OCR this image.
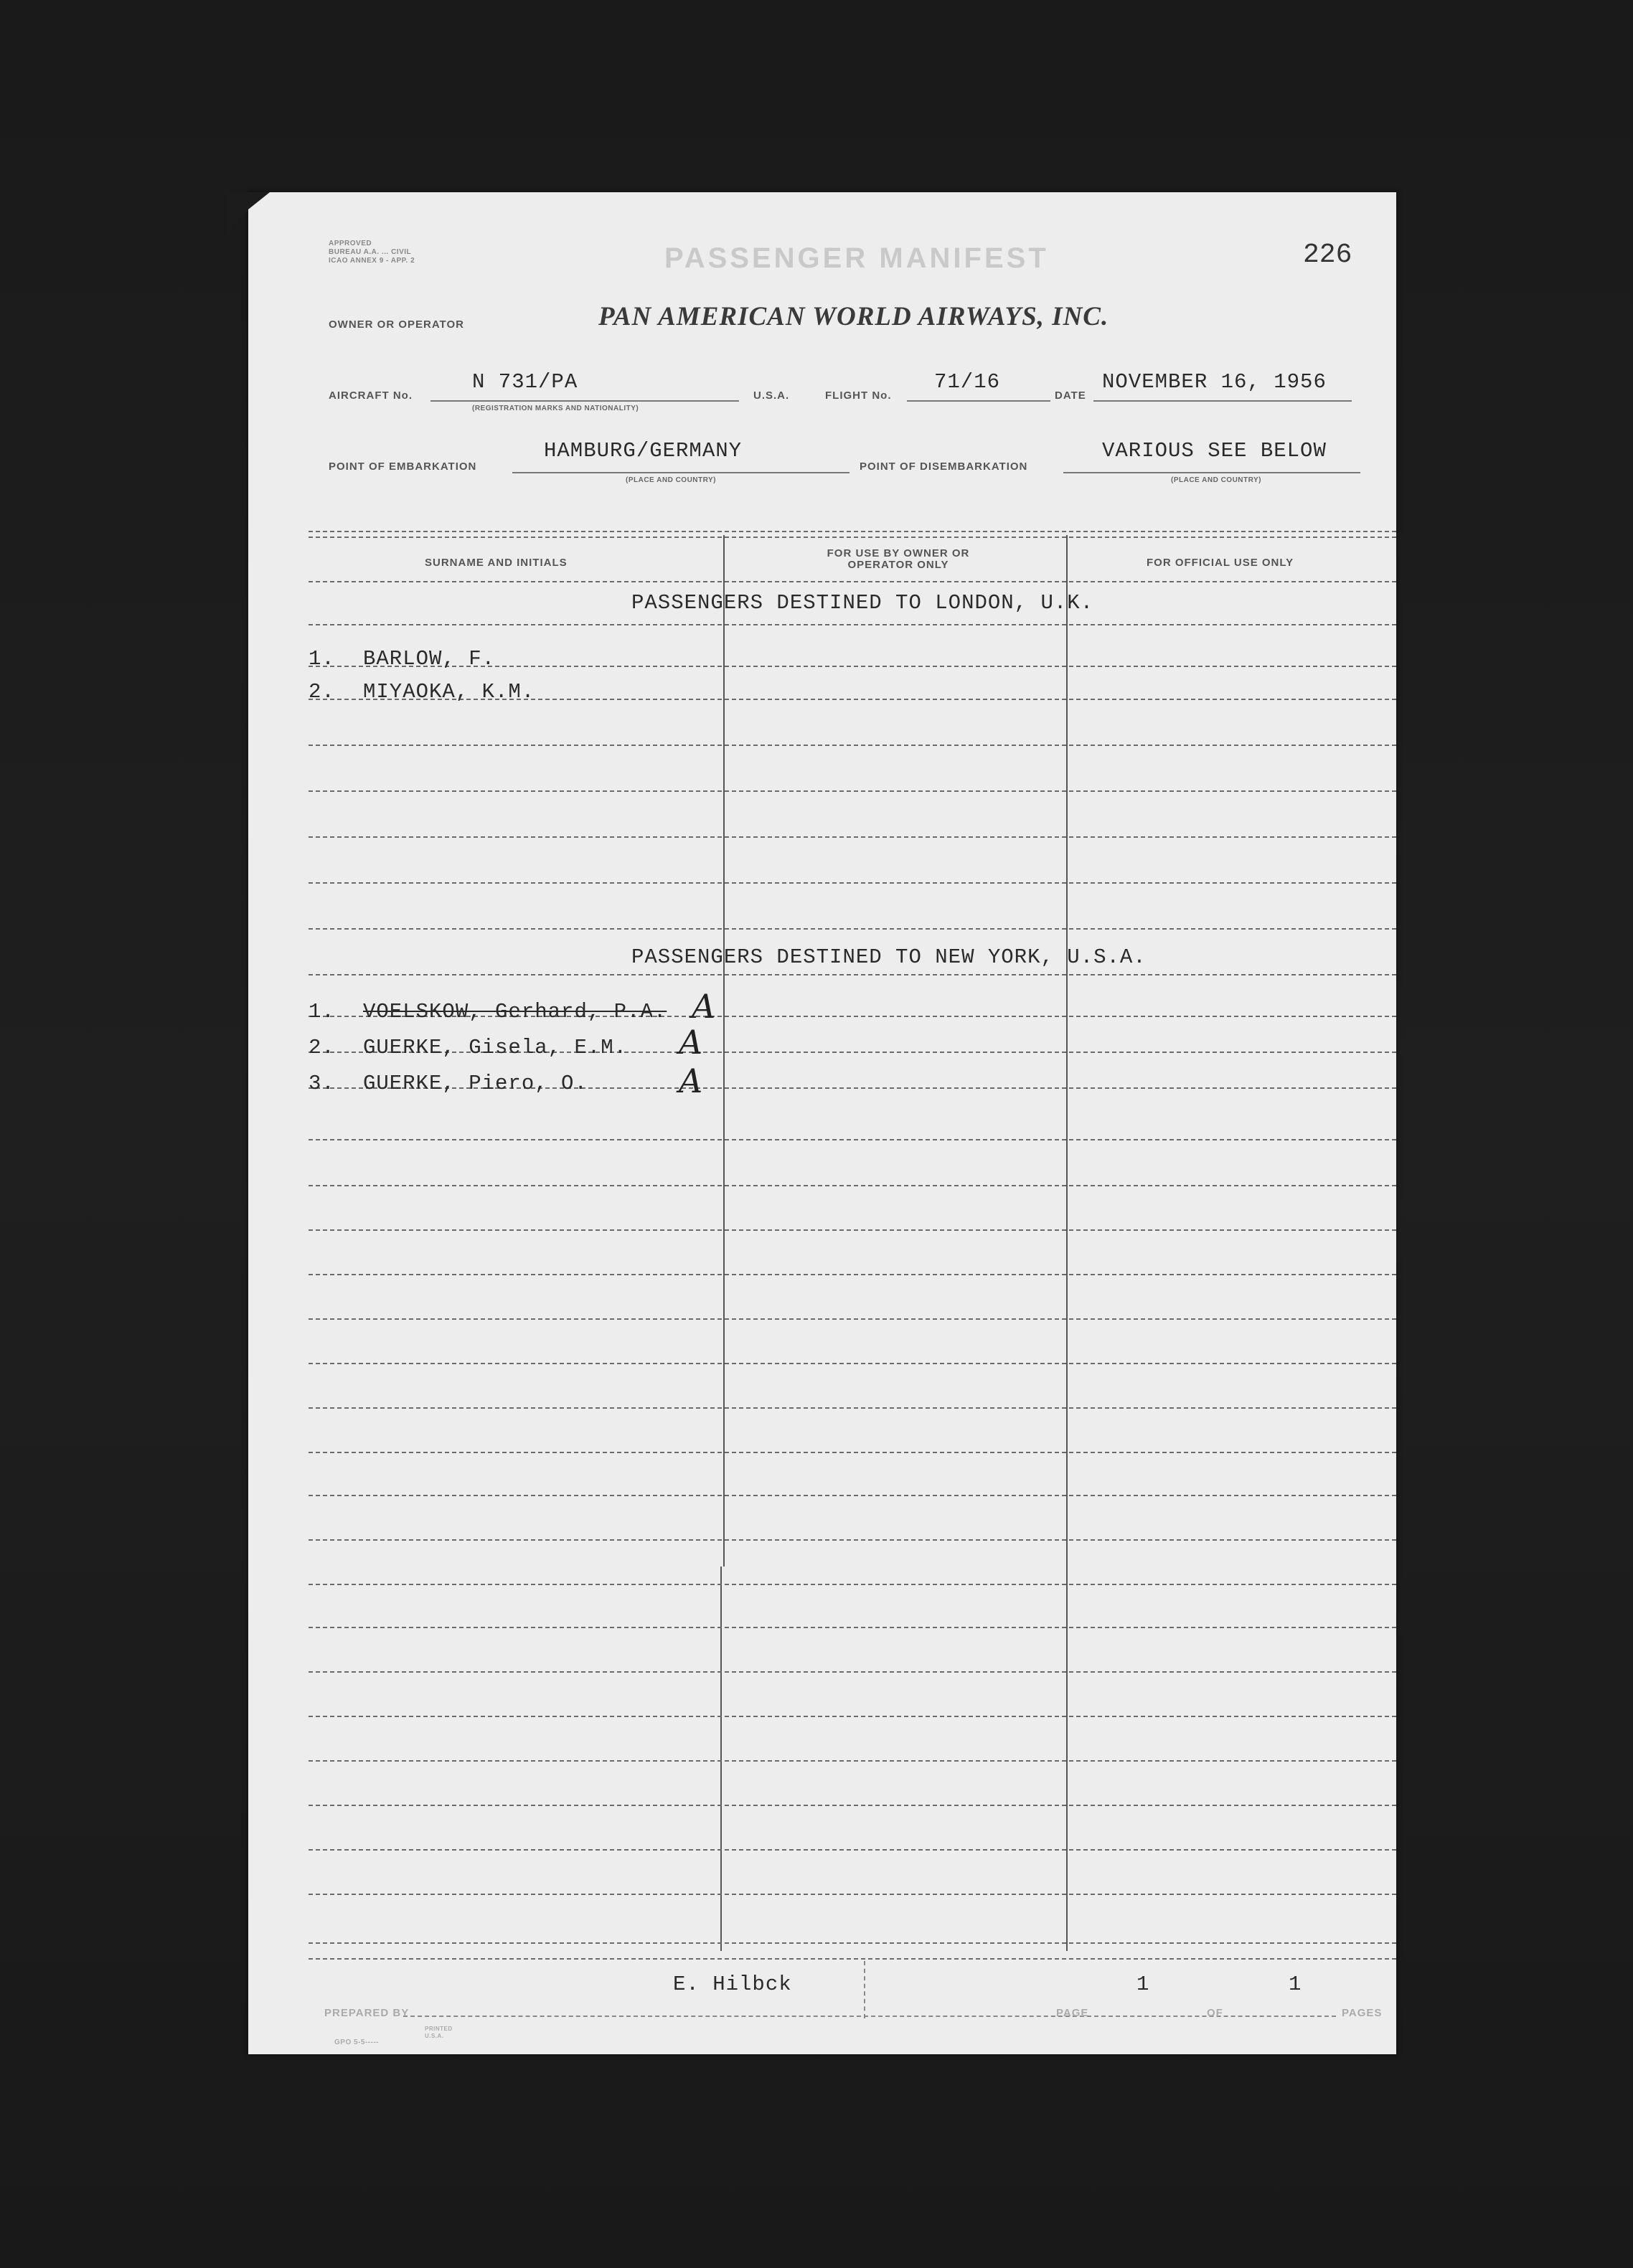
APPROVED
BUREAU A.A. ... CIVIL
ICAO ANNEX 9 - APP. 2	PASSENGER MANIFEST	226
OWNER OR OPERATOR	PAN AMERICAN WORLD AIRWAYS, INC.
AIRCRAFT No.
N 731/PA
(REGISTRATION MARKS AND NATIONALITY)
U.S.A.	FLIGHT No.
71/16
DATE
NOVEMBER 16, 1956
POINT OF EMBARKATION
HAMBURG/GERMANY
(PLACE AND COUNTRY)
POINT OF DISEMBARKATION
VARIOUS SEE BELOW
(PLACE AND COUNTRY)
SURNAME AND INITIALS
FOR USE BY OWNER OR OPERATOR ONLY	FOR OFFICIAL USE ONLY
PASSENGERS DESTINED TO LONDON, U.K.
1. BARLOW, F.
2. MIYAOKA, K.M.
PASSENGERS DESTINED TO NEW YORK, U.S.A.
1. VOELSKOW, Gerhard, P.A. A
2. GUERKE, Gisela, E.M. A
3. GUERKE, Piero, O.	A
E. Hilbck	1	1
PREPARED BY	PAGE	OF	PAGES
GPO 5-5-----
PRINTED
U.S.A.
